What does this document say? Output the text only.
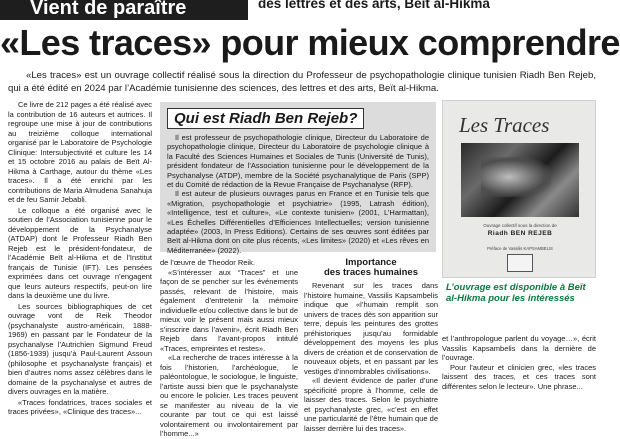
Vient de paraître	des lettres et des arts, Beït al-Hikma
«Les traces» pour mieux comprendre

«Les traces» est un ouvrage collectif réalisé sous la direction du Professeur de psychopathologie clinique tunisien Riadh Ben Rejeb, qui a été édité en 2024 par l’Académie tunisienne des sciences, des lettres et des arts, Beït al-Hikma.

Ce livre de 212 pages a été réalisé avec la contribution de 16 auteurs et autrices. Il regroupe une mise à jour de contributions au treizième colloque international organisé par le Laboratoire de Psychologie Clinique: Intersubjectivité et culture les 14 et 15 octobre 2016 au palais de Beït Al-Hikma à Carthage, autour du thème «Les traces». Il a été enrichi par les contributions de Maria Almudena Sanahuja et de feu Samir Jebabli.

Le colloque a été organisé avec le soutien de l’Association tunisienne pour le développement de la Psychanalyse (ATDAP) dont le Professeur Riadh Ben Rejeb est le président-fondateur, de l’Académie Beït al-Hikma et de l’Institut français de Tunisie (IFT). Les pensées exprimées dans cet ouvrage n’engagent que leurs auteurs respectifs, peut-on lire dans la deuxième une du livre.

Les sources bibliographiques de cet ouvrage vont de Reik Theodor (psychanalyste austro-américain, 1888-1969) en passant par le Fondateur de la psychanalyse l’Autrichien Sigmund Freud (1856-1939) jusqu’à Paul-Laurent Assoun (philosophe et psychanalyste français) et bien d’autres noms assez célèbres dans le domaine de la psychanalyse et autres de divers ouvrages en la matière.

«Traces fondatrices, traces sociales et traces privées», «Clinique des traces»...

Qui est Riadh Ben Rejeb?

Il est professeur de psychopathologie clinique, Directeur du Laboratoire de psychopathologie clinique, Directeur du Laboratoire de psychologie clinique à la Faculté des Sciences Humaines et Sociales de Tunis (Université de Tunis), président fondateur de l’Association tunisienne pour le développement de la Psychanalyse (ATDP), membre de la Société psychanalytique de Paris (SPP) et du Comité de rédaction de la Revue Française de Psychanalyse (RFP).

Il est auteur de plusieurs ouvrages parus en France et en Tunisie tels que «Migration, psychopathologie et psychiatrie» (1995, Latrash édition), «Intelligence, test et culture», «Le contexte tunisien» (2001, L’Harmattan), «Les Échelles Différentielles d’Efficiences Intellectuelles; version tunisienne adaptée» (2003, In Press Editions). Certains de ses œuvres sont éditées par Beït al-Hikma dont on cite plus récents, «Les limites» (2020) et «Les rêves en Méditerranée» (2022).

de l’œuvre de Theodor Reik.

«S’intéresser aux “Traces” et une façon de se pencher sur les événements passés, relevant de l’histoire, mais également d’entretenir la mémoire individuelle et/ou collective dans le but de mieux voir le présent mais aussi mieux s’inscrire dans l’avenir», écrit Riadh Ben Rejeb dans l’avant-propos intitulé «Traces, empreintes et restes».

«La recherche de traces intéresse à la fois l’historien, l’archéologue, le paléontologue, le sociologue, le linguiste, l’artiste aussi bien que le psychanalyste ou encore le policier. Les traces peuvent se manifester au niveau de la vie courante par tout ce qui est laissé volontairement ou involontairement par l’homme...»

Importance
des traces humaines

Revenant sur les traces dans l’histoire humaine, Vassilis Kapsambelis indique que «l’humain remplit son univers de traces dès son apparition sur terre, depuis les peintures des grottes préhistoriques jusqu’au formidable développement des moyens les plus divers de création et de conservation de nouveaux objets, et en passant par les vestiges d’innombrables civilisations».

«Il devient évidence de parler d’une spécificité propre à l’homme, celle de laisser des traces. Selon le psychiatre et psychanalyste grec, «c’est en effet une particularité de l’être humain que de laisser derrière lui des traces».

Les Traces
Ouvrage collectif sous la direction de
Riadh BEN REJEB
Préface de Vassilis KAPSAMBELIS
L’ouvrage est disponible à Beït al-Hikma pour les intéressés

et l’anthropologue parlent du voyage…», écrit Vassilis Kapsambelis dans la dernière de l’ouvrage.

Pour l’auteur et clinicien grec, «les traces laissent des traces, et ces traces sont différentes selon le lecteur». Une phrase...
